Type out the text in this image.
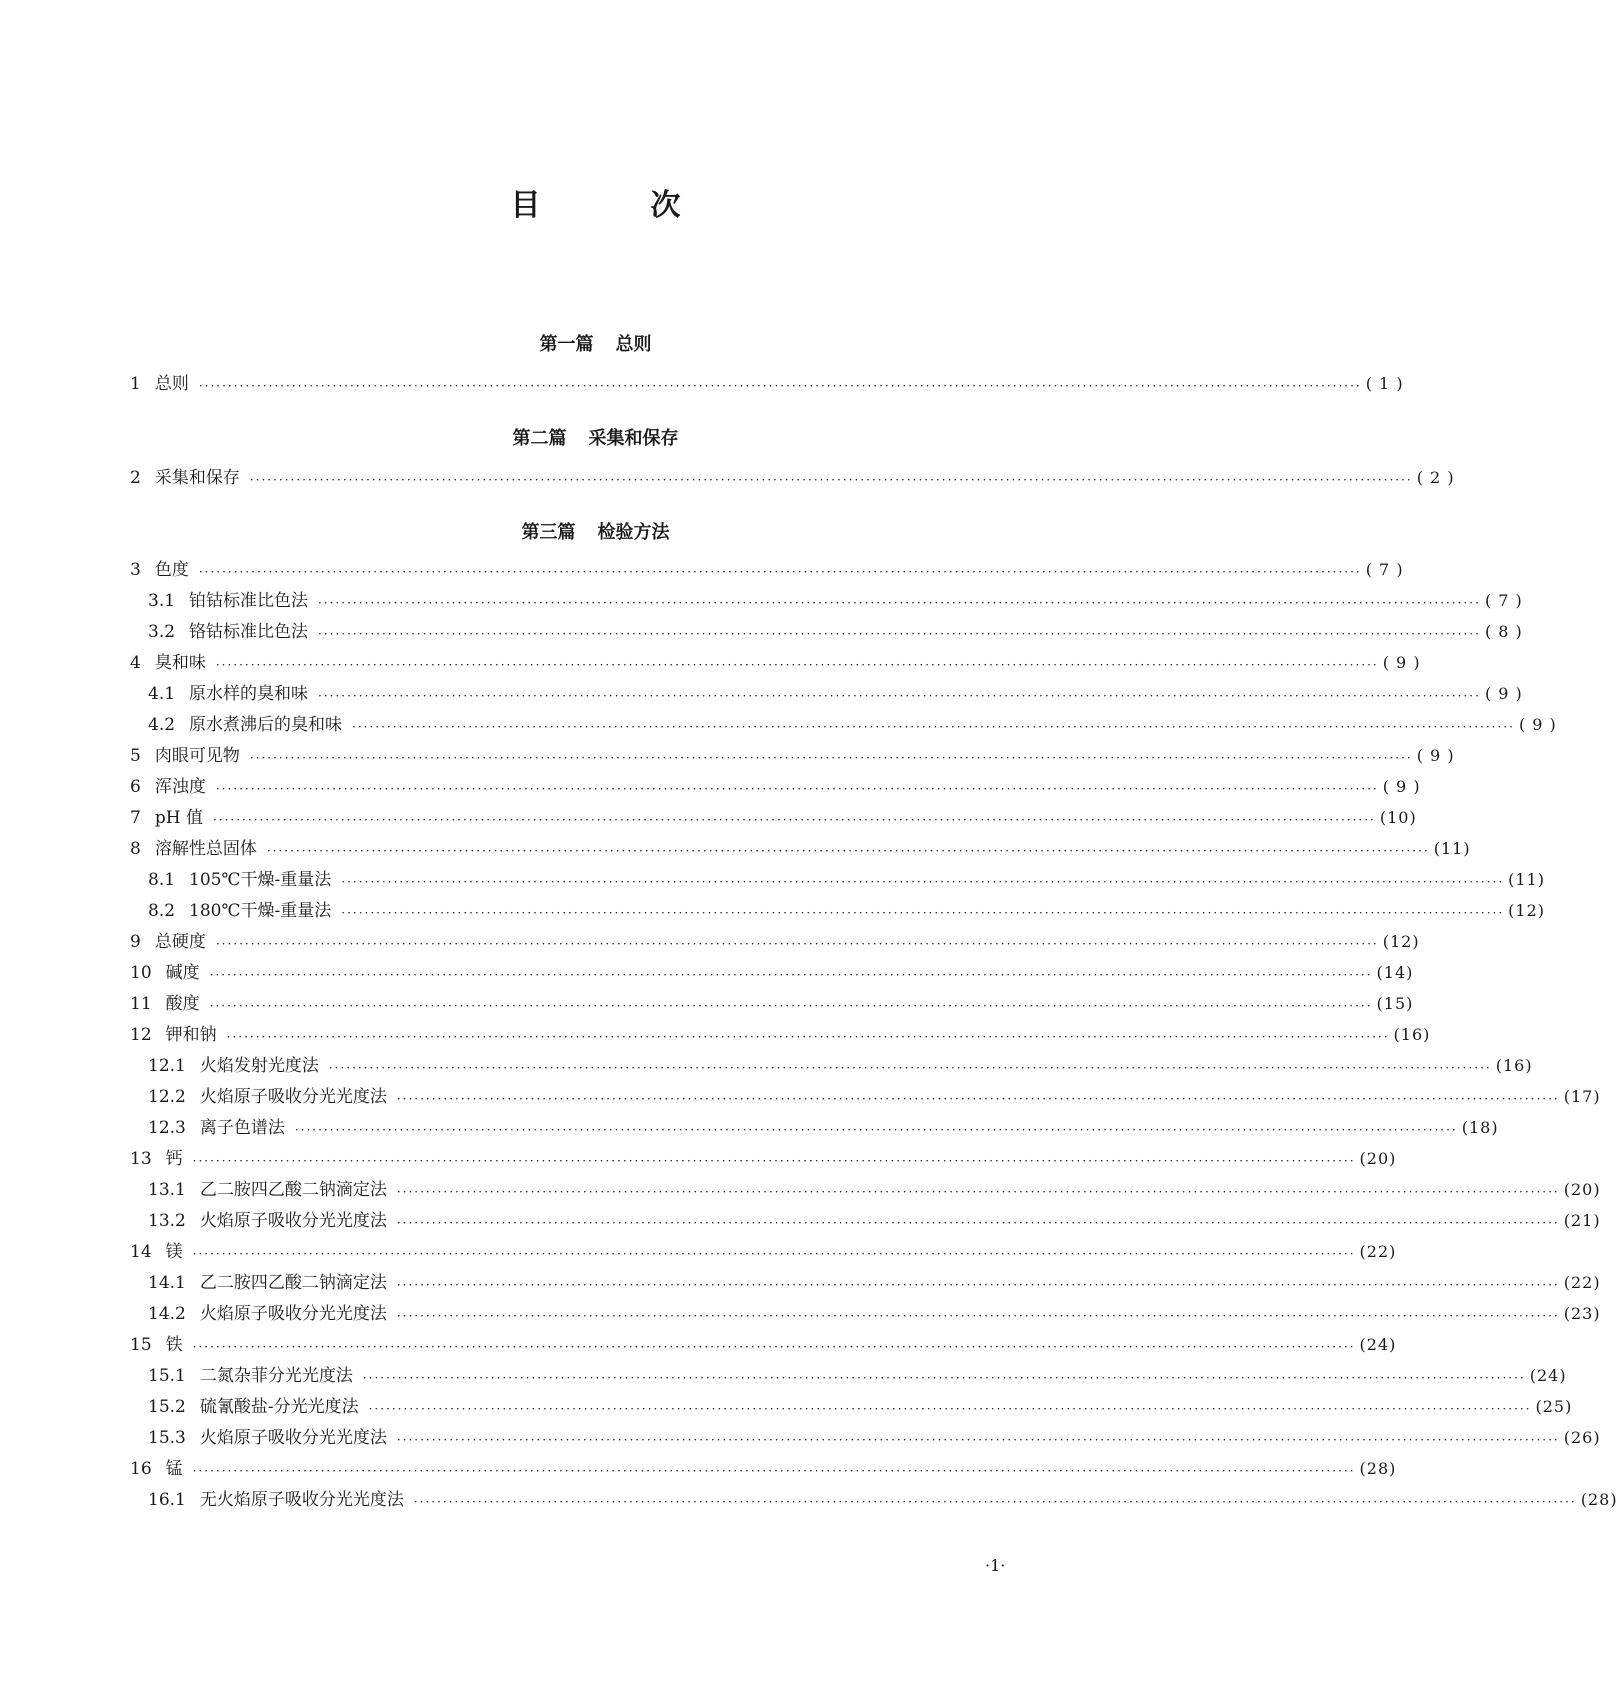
目	次
第一篇 总则
第二篇 采集和保存
第三篇 检验方法
1 总则 ········································································································································································································ ( 1 )
2 采集和保存 ········································································································································································································ ( 2 )
3 色度 ········································································································································································································ ( 7 )
3.1 铂钴标准比色法 ········································································································································································································ ( 7 )
3.2 铬钴标准比色法 ········································································································································································································ ( 8 )
4 臭和味 ········································································································································································································ ( 9 )
4.1 原水样的臭和味 ········································································································································································································ ( 9 )
4.2 原水煮沸后的臭和味 ········································································································································································································ ( 9 )
5 肉眼可见物 ········································································································································································································ ( 9 )
6 浑浊度 ········································································································································································································ ( 9 )
7 pH 值 ········································································································································································································ (10)
8 溶解性总固体 ········································································································································································································ (11)
8.1 105℃干燥-重量法 ········································································································································································································ (11)
8.2 180℃干燥-重量法 ········································································································································································································ (12)
9 总硬度 ········································································································································································································ (12)
10 碱度 ········································································································································································································ (14)
11 酸度 ········································································································································································································ (15)
12 钾和钠 ········································································································································································································ (16)
12.1 火焰发射光度法 ········································································································································································································ (16)
12.2 火焰原子吸收分光光度法 ········································································································································································································ (17)
12.3 离子色谱法 ········································································································································································································ (18)
13 钙 ········································································································································································································ (20)
13.1 乙二胺四乙酸二钠滴定法 ········································································································································································································ (20)
13.2 火焰原子吸收分光光度法 ········································································································································································································ (21)
14 镁 ········································································································································································································ (22)
14.1 乙二胺四乙酸二钠滴定法 ········································································································································································································ (22)
14.2 火焰原子吸收分光光度法 ········································································································································································································ (23)
15 铁 ········································································································································································································ (24)
15.1 二氮杂菲分光光度法 ········································································································································································································ (24)
15.2 硫氰酸盐-分光光度法 ········································································································································································································ (25)
15.3 火焰原子吸收分光光度法 ········································································································································································································ (26)
16 锰 ········································································································································································································ (28)
16.1 无火焰原子吸收分光光度法 ········································································································································································································ (28)
·1·
